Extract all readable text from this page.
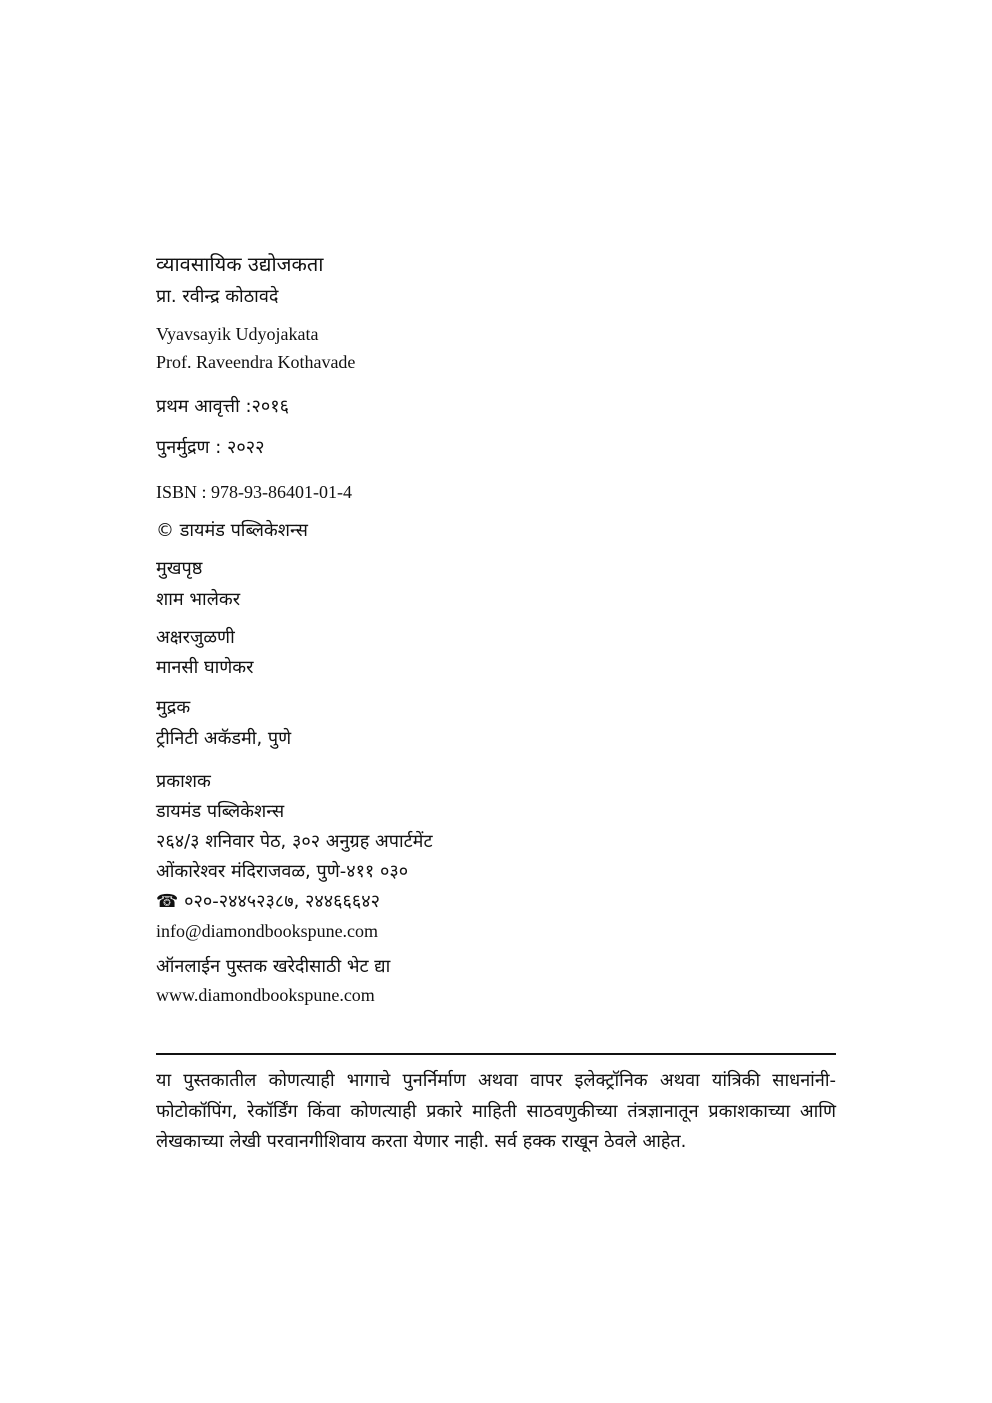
व्यावसायिक उद्योजकता
प्रा. रवीन्द्र कोठावदे
Vyavsayik Udyojakata
Prof. Raveendra Kothavade
प्रथम आवृत्ती :२०१६
पुनर्मुद्रण : २०२२
ISBN : 978-93-86401-01-4
© डायमंड पब्लिकेशन्स
मुखपृष्ठ
शाम भालेकर
अक्षरजुळणी
मानसी घाणेकर
मुद्रक
ट्रीनिटी अकॅडमी, पुणे
प्रकाशक
डायमंड पब्लिकेशन्स
२६४/३ शनिवार पेठ, ३०२ अनुग्रह अपार्टमेंट
ओंकारेश्वर मंदिराजवळ, पुणे-४११ ०३०
☎ ०२०-२४४५२३८७, २४४६६६४२
info@diamondbookspune.com
ऑनलाईन पुस्तक खरेदीसाठी भेट द्या
www.diamondbookspune.com
या पुस्तकातील कोणत्याही भागाचे पुनर्निर्माण अथवा वापर इलेक्ट्रॉनिक अथवा यांत्रिकी साधनांनी- फोटोकॉपिंग, रेकॉर्डिंग किंवा कोणत्याही प्रकारे माहिती साठवणुकीच्या तंत्रज्ञानातून प्रकाशकाच्या आणि लेखकाच्या लेखी परवानगीशिवाय करता येणार नाही. सर्व हक्क राखून ठेवले आहेत.
